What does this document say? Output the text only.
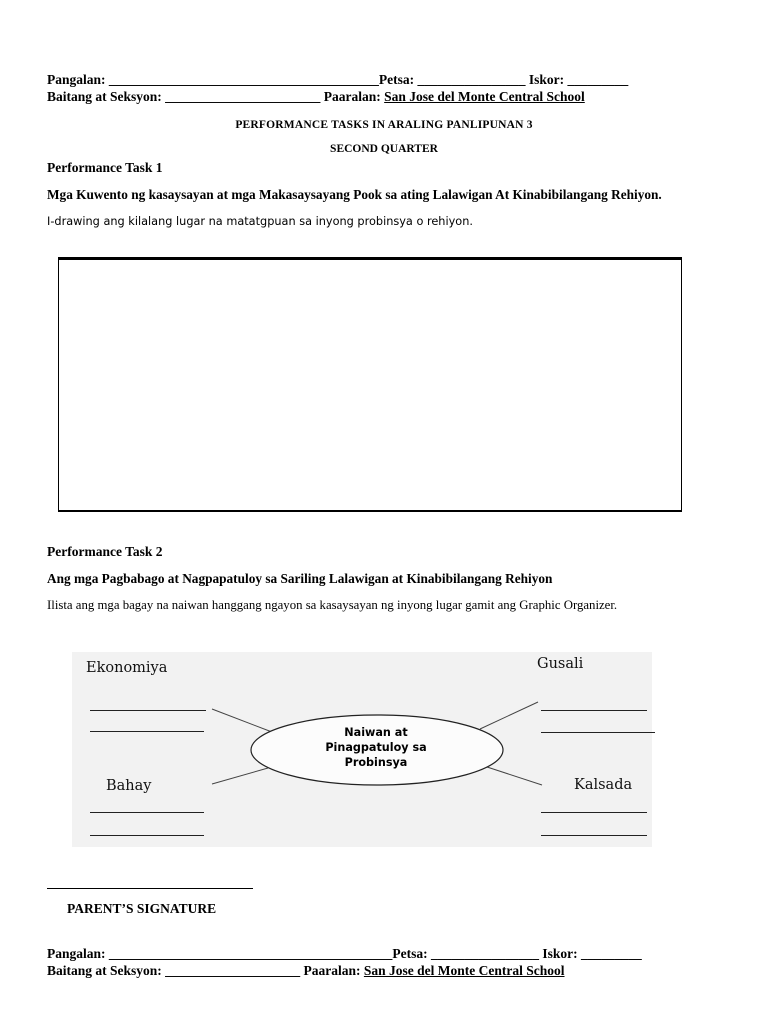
Pangalan: ________________________________________Petsa: ________________ Iskor: _________
Baitang at Seksyon: _______________________ Paaralan: San Jose del Monte Central School
PERFORMANCE TASKS IN ARALING PANLIPUNAN 3
SECOND QUARTER
Performance Task 1
Mga Kuwento ng kasaysayan at mga Makasaysayang Pook sa ating Lalawigan At Kinabibilangang Rehiyon.
I-drawing ang kilalang lugar na matatgpuan sa inyong probinsya o rehiyon.
Performance Task 2
Ang mga Pagbabago at Nagpapatuloy sa Sariling Lalawigan at Kinabibilangang Rehiyon
Ilista ang mga bagay na naiwan hanggang ngayon sa kasaysayan ng inyong lugar gamit ang Graphic Organizer.
Naiwan at
Pinagpatuloy sa
Probinsya
Ekonomiya	Gusali
Bahay	Kalsada
PARENT’S SIGNATURE
Pangalan: __________________________________________Petsa: ________________ Iskor: _________
Baitang at Seksyon: ____________________ Paaralan: San Jose del Monte Central School
